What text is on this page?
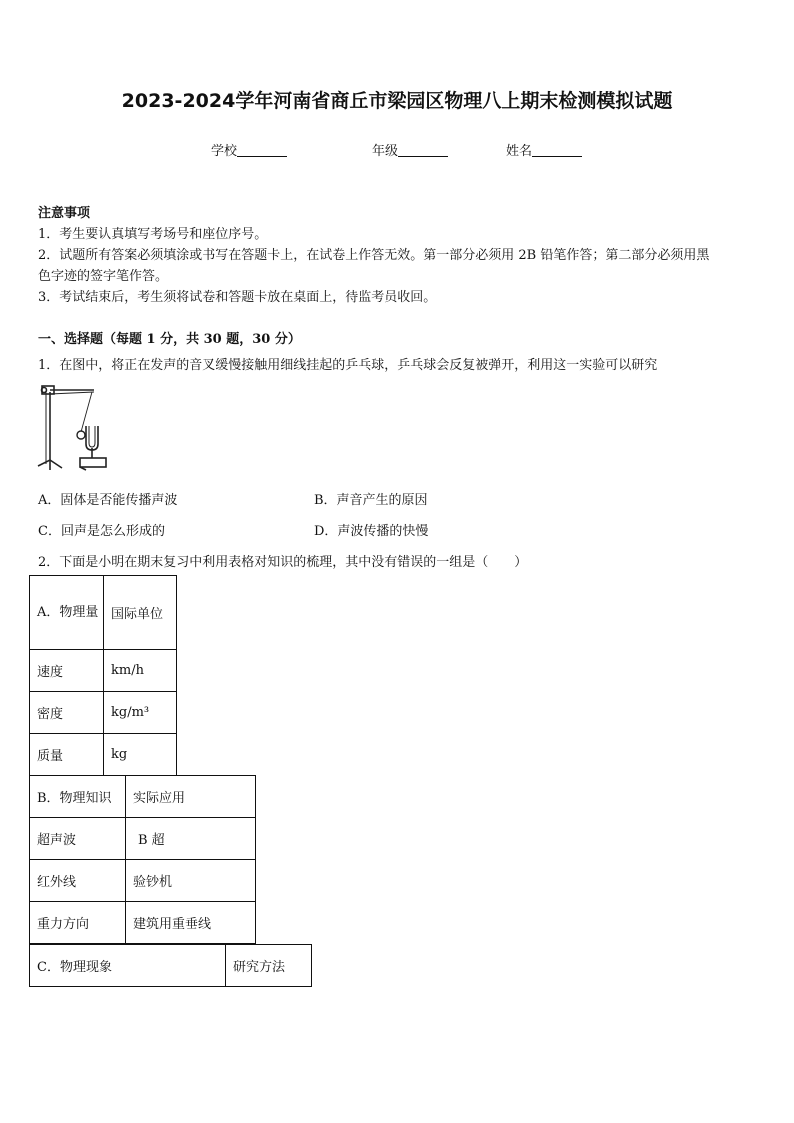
2023-2024学年河南省商丘市梁园区物理八上期末检测模拟试题
学校	年级	姓名
注意事项
1．考生要认真填写考场号和座位序号。
2．试题所有答案必须填涂或书写在答题卡上，在试卷上作答无效。第一部分必须用 2B 铅笔作答；第二部分必须用黑
色字迹的签字笔作答。
3．考试结束后，考生须将试卷和答题卡放在桌面上，待监考员收回。
一、选择题（每题 1 分，共 30 题，30 分）
1．在图中，将正在发声的音叉缓慢接触用细线挂起的乒乓球，乒乓球会反复被弹开，利用这一实验可以研究
A．固体是否能传播声波	B．声音产生的原因
C．回声是怎么形成的	D．声波传播的快慢
2．下面是小明在期末复习中利用表格对知识的梳理，其中没有错误的一组是（　　）
A．物理量	国际单位
速度	km/h
密度	kg/m³
质量	kg
B．物理知识	实际应用
超声波	B 超
红外线	验钞机
重力方向	建筑用重垂线
C．物理现象	研究方法
